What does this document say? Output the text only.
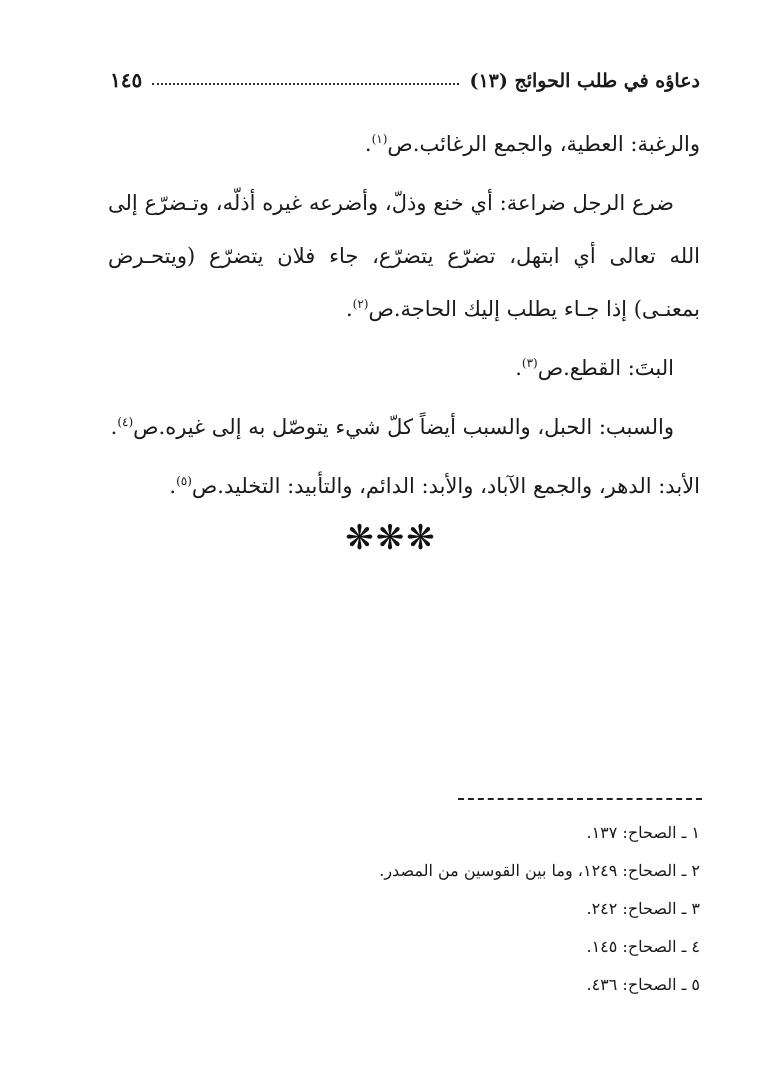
دعاؤه في طلب الحوائج (١٣)
١٤٥

والرغبة: العطية، والجمع الرغائب.ص$^{(١)}$.

ضرع الرجل ضراعة: أي خنع وذلّ، وأضرعه غيره أذلّه، وتـضرّع إلى الله تعالى أي ابتهل، تضرّع يتضرّع، جاء فلان يتضرّع (ويتحـرض بمعنـى) إذا جـاء يطلب إليك الحاجة.ص$^{(٢)}$.

البتَ: القطع.ص$^{(٣)}$.

والسبب: الحبل، والسبب أيضاً كلّ شيء يتوصّل به إلى غيره.ص$^{(٤)}$.

الأبد: الدهر، والجمع الآباد، والأبد: الدائم، والتأبيد: التخليد.ص$^{(٥)}$.

❋❋❋
١ ـ الصحاح: ١٣٧.
٢ ـ الصحاح: ١٢٤٩، وما بين القوسين من المصدر.
٣ ـ الصحاح: ٢٤٢.
٤ ـ الصحاح: ١٤٥.
٥ ـ الصحاح: ٤٣٦.
